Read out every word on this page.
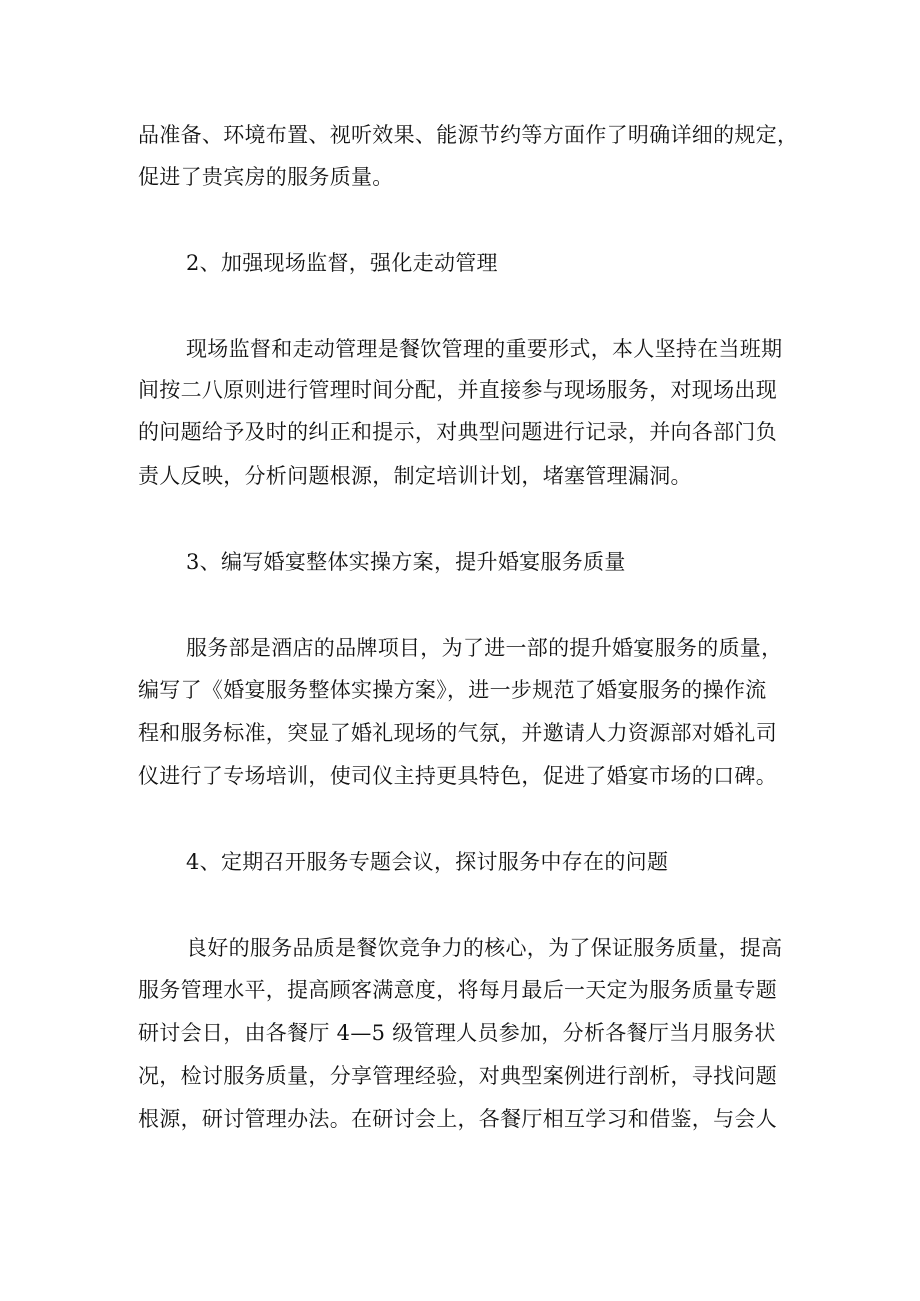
品准备、环境布置、视听效果、能源节约等方面作了明确详细的规定，
促进了贵宾房的服务质量。
2、加强现场监督，强化走动管理
现场监督和走动管理是餐饮管理的重要形式，本人坚持在当班期
间按二八原则进行管理时间分配，并直接参与现场服务，对现场出现
的问题给予及时的纠正和提示，对典型问题进行记录，并向各部门负
责人反映，分析问题根源，制定培训计划，堵塞管理漏洞。
3、编写婚宴整体实操方案，提升婚宴服务质量
服务部是酒店的品牌项目，为了进一部的提升婚宴服务的质量，
编写了《婚宴服务整体实操方案》，进一步规范了婚宴服务的操作流
程和服务标准，突显了婚礼现场的气氛，并邀请人力资源部对婚礼司
仪进行了专场培训，使司仪主持更具特色，促进了婚宴市场的口碑。
4、定期召开服务专题会议，探讨服务中存在的问题
良好的服务品质是餐饮竞争力的核心，为了保证服务质量，提高
服务管理水平，提高顾客满意度，将每月最后一天定为服务质量专题
研讨会日，由各餐厅 4—5 级管理人员参加，分析各餐厅当月服务状
况，检讨服务质量，分享管理经验，对典型案例进行剖析，寻找问题
根源，研讨管理办法。在研讨会上，各餐厅相互学习和借鉴，与会人
